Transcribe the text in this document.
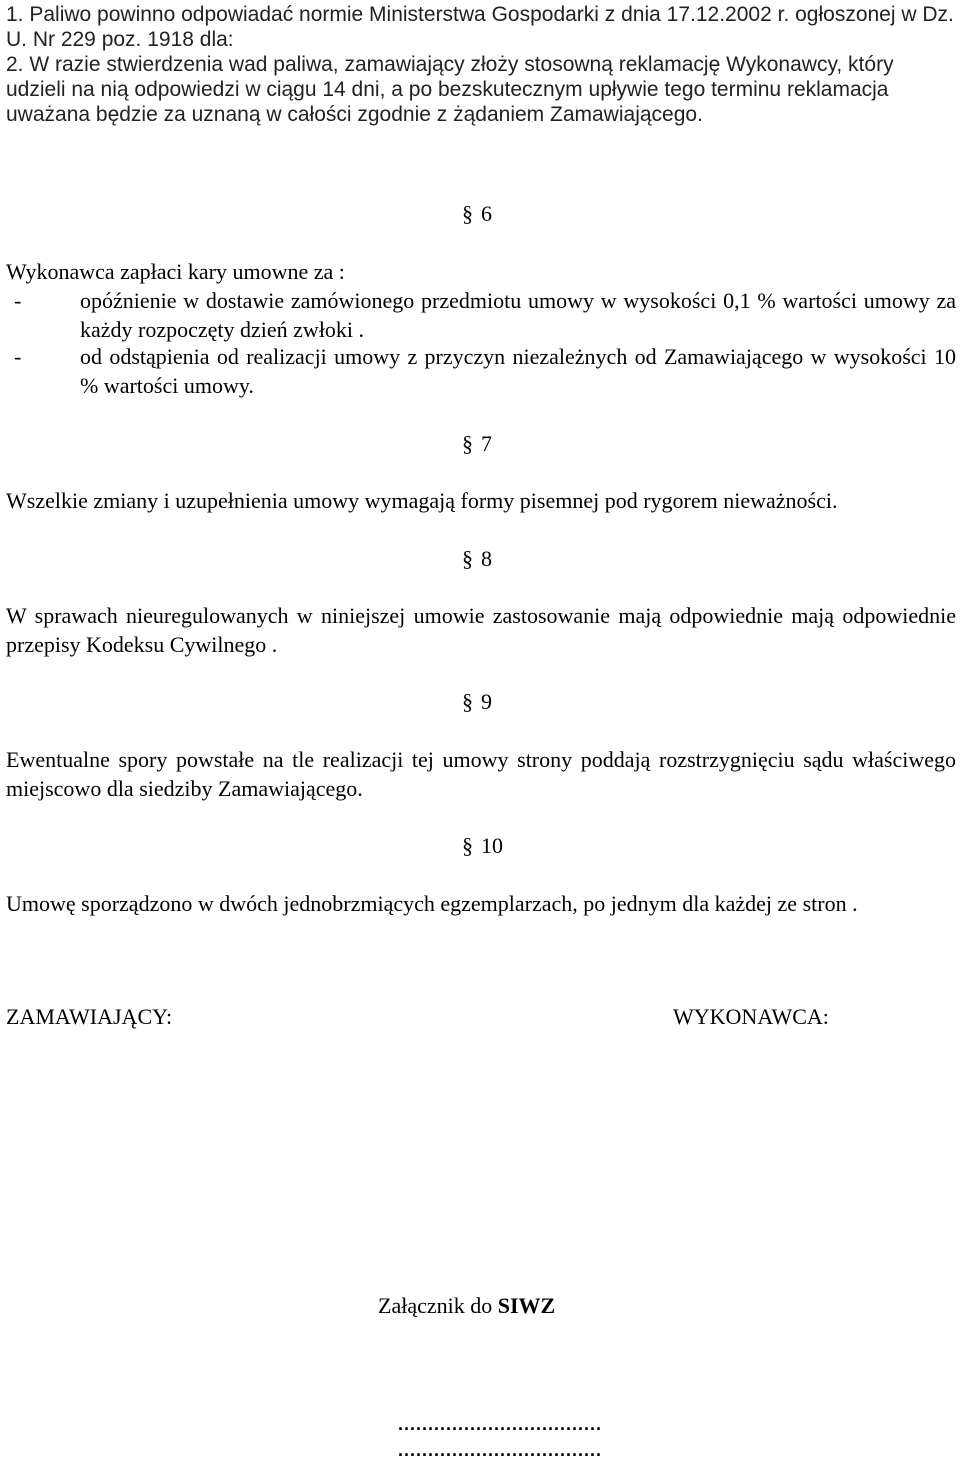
1. Paliwo powinno odpowiadać normie Ministerstwa Gospodarki z dnia 17.12.2002 r. ogłoszonej w Dz. U. Nr 229 poz. 1918 dla:

2. W razie stwierdzenia wad paliwa, zamawiający złoży stosowną reklamację Wykonawcy, który udzieli na nią odpowiedzi w ciągu 14 dni, a po bezskutecznym upływie tego terminu reklamacja uważana będzie za uznaną w całości zgodnie z żądaniem Zamawiającego.

§ 6

Wykonawca zapłaci kary umowne za :

-	opóźnienie w dostawie zamówionego przedmiotu umowy w wysokości 0,1 % wartości umowy za każdy rozpoczęty dzień zwłoki .
-	od odstąpienia od realizacji umowy z przyczyn niezależnych od Zamawiającego w wysokości 10 % wartości umowy.
§ 7

Wszelkie zmiany i uzupełnienia umowy wymagają formy pisemnej pod rygorem nieważności.

§ 8

W sprawach nieuregulowanych w niniejszej umowie zastosowanie mają odpowiednie mają odpowiednie przepisy Kodeksu Cywilnego .

§ 9

Ewentualne spory powstałe na tle realizacji tej umowy strony poddają rozstrzygnięciu sądu właściwego miejscowo dla siedziby Zamawiającego.

§ 10

Umowę sporządzono w dwóch jednobrzmiących egzemplarzach, po jednym dla każdej ze stron .

ZAMAWIAJĄCY:	WYKONAWCA:
Załącznik do SIWZ
..................................
..................................
